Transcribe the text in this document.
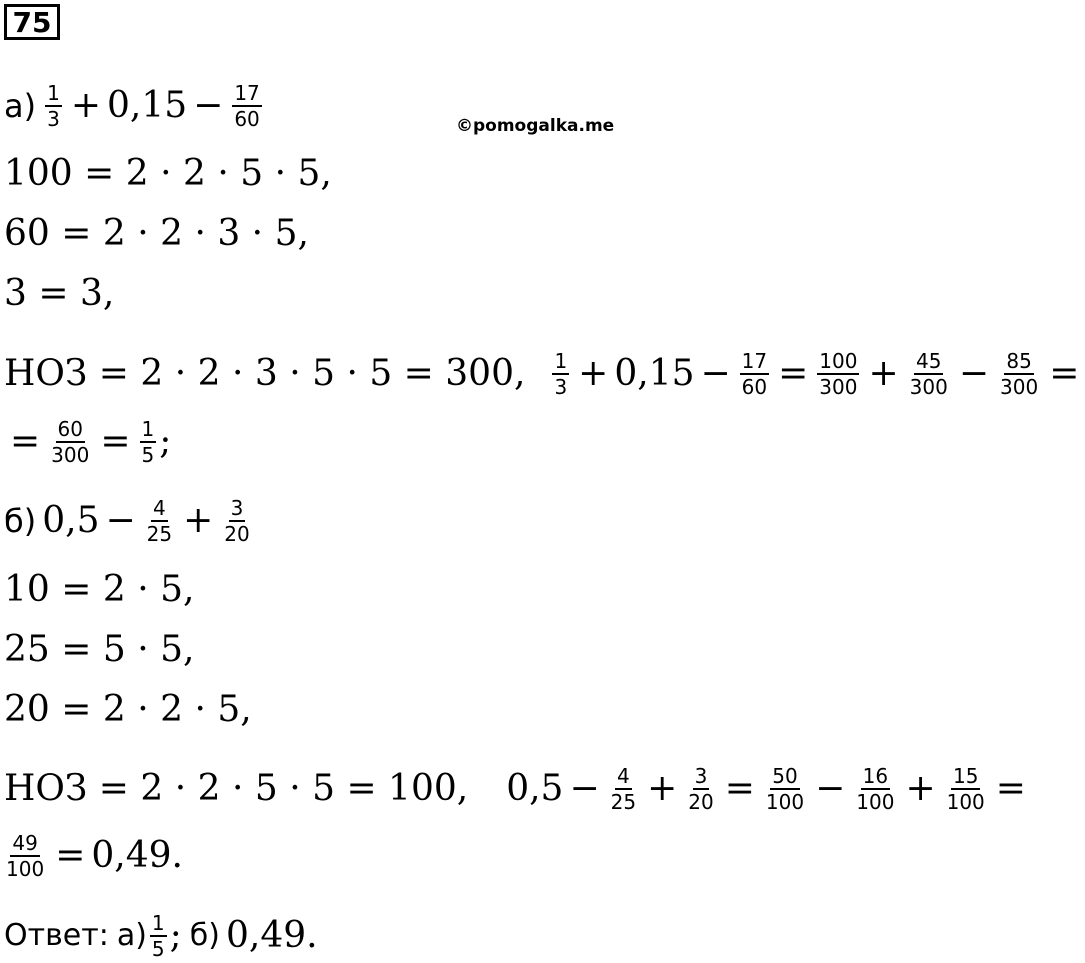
75
©pomogalka.me
$а) \frac{1}{3} + 0,15 - \frac{17}{60}$
100 = 2 · 2 · 5 · 5,
60 = 2 · 2 · 3 · 5,
3 = 3,
НОЗ = 2 · 2 · 3 · 5 · 5 = 300, $\frac{1}{3} + 0,15 - \frac{17}{60} = \frac{100}{300} + \frac{45}{300} - \frac{85}{300}$ =
= $\frac{60}{300} = \frac{1}{5}$ ;
б) $0,5 - \frac{4}{25} + \frac{3}{20}$
10 = 2 · 5,
25 = 5 · 5,
20 = 2 · 2 · 5,
НОЗ = 2 · 2 · 5 · 5 = 100, $0,5 - \frac{4}{25} + \frac{3}{20} = \frac{50}{100} - \frac{16}{100} + \frac{15}{100}$ =
$\frac{49}{100} = 0,49$.
Ответ: $а) \frac{1}{5}$ ; б) 0,49.
